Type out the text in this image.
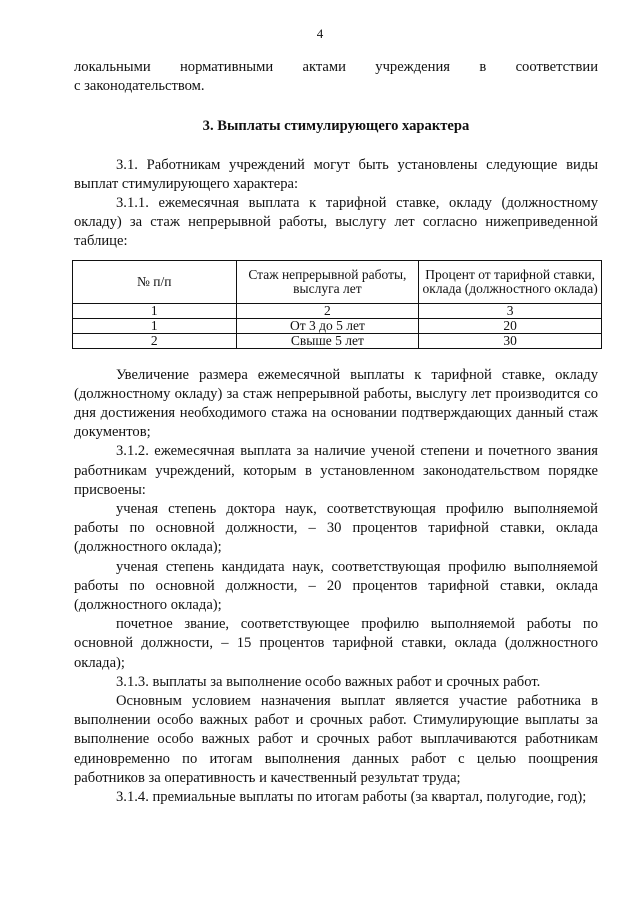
4

локальными нормативными актами учреждения в соответствии

с законодательством.

3. Выплаты стимулирующего характера

3.1. Работникам учреждений могут быть установлены следующие виды выплат стимулирующего характера:

3.1.1. ежемесячная выплата к тарифной ставке, окладу (должностному окладу) за стаж непрерывной работы, выслугу лет согласно нижеприведенной таблице:

№ п/п	Стаж непрерывной работы, выслуга лет	Процент от тарифной ставки, оклада (должностного оклада)
1	2	3
1	От 3 до 5 лет	20
2	Свыше 5 лет	30

Увеличение размера ежемесячной выплаты к тарифной ставке, окладу (должностному окладу) за стаж непрерывной работы, выслугу лет производится со дня достижения необходимого стажа на основании подтверждающих данный стаж документов;

3.1.2. ежемесячная выплата за наличие ученой степени и почетного звания работникам учреждений, которым в установленном законодательством порядке присвоены:

ученая степень доктора наук, соответствующая профилю выполняемой работы по основной должности, – 30 процентов тарифной ставки, оклада (должностного оклада);

ученая степень кандидата наук, соответствующая профилю выполняемой работы по основной должности, – 20 процентов тарифной ставки, оклада (должностного оклада);

почетное звание, соответствующее профилю выполняемой работы по основной должности, – 15 процентов тарифной ставки, оклада (должностного оклада);

3.1.3. выплаты за выполнение особо важных работ и срочных работ.

Основным условием назначения выплат является участие работника в выполнении особо важных работ и срочных работ. Стимулирующие выплаты за выполнение особо важных работ и срочных работ выплачиваются работникам единовременно по итогам выполнения данных работ с целью поощрения работников за оперативность и качественный результат труда;

3.1.4. премиальные выплаты по итогам работы (за квартал, полугодие, год);
